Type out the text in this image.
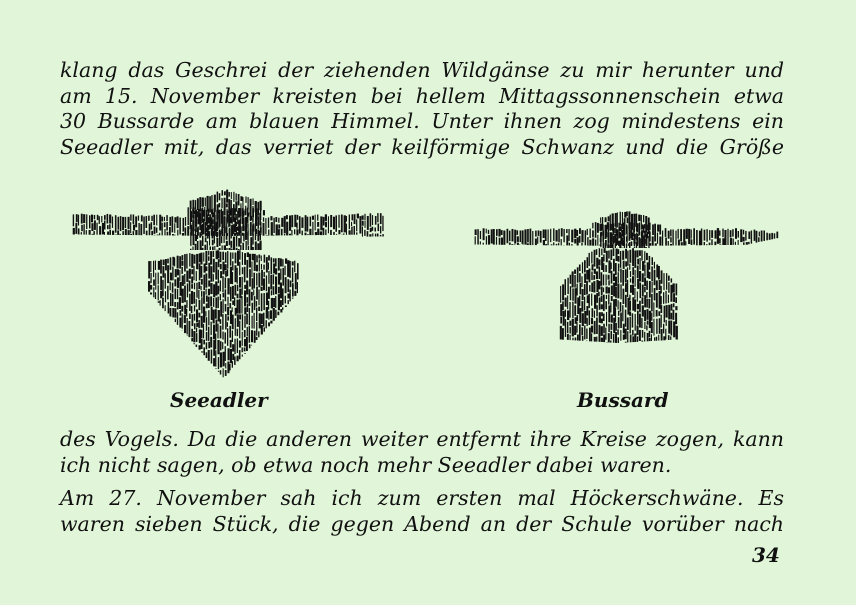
klang das Geschrei der ziehenden Wildgänse zu mir herunter und
am 15. November kreisten bei hellem Mittagssonnenschein etwa
30 Bussarde am blauen Himmel. Unter ihnen zog mindestens ein
Seeadler mit, das verriet der keilförmige Schwanz und die Größe
Seeadler	Bussard
des Vogels. Da die anderen weiter entfernt ihre Kreise zogen, kann
ich nicht sagen, ob etwa noch mehr Seeadler dabei waren.
Am 27. November sah ich zum ersten mal Höckerschwäne. Es
waren sieben Stück, die gegen Abend an der Schule vorüber nach
34
